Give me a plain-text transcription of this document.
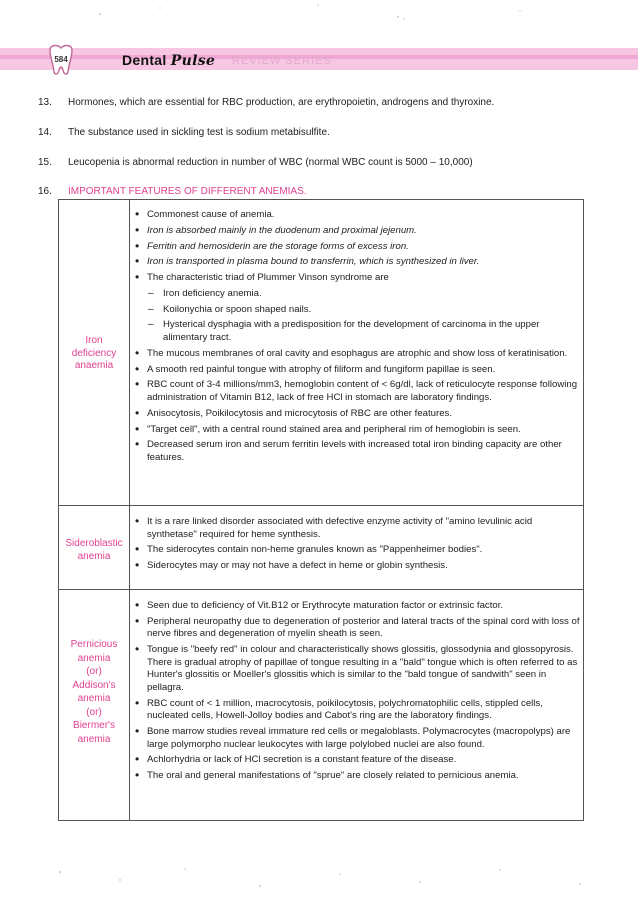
584	Dental Pulse REVIEW SERIES
13. Hormones, which are essential for RBC production, are erythropoietin, androgens and thyroxine.
14. The substance used in sickling test is sodium metabisulfite.
15. Leucopenia is abnormal reduction in number of WBC (normal WBC count is 5000 – 10,000)
16. IMPORTANT FEATURES OF DIFFERENT ANEMIAS.
Iron
deficiency
anaemia
• Commonest cause of anemia.
• Iron is absorbed mainly in the duodenum and proximal jejenum.
• Ferritin and hemosiderin are the storage forms of excess iron.
• Iron is transported in plasma bound to transferrin, which is synthesized in liver.
• The characteristic triad of Plummer Vinson syndrome are
– Iron deficiency anemia.
– Koilonychia or spoon shaped nails.
– Hysterical dysphagia with a predisposition for the development of carcinoma in the upper alimentary tract.
• The mucous membranes of oral cavity and esophagus are atrophic and show loss of keratinisation.
• A smooth red painful tongue with atrophy of filiform and fungiform papillae is seen.
• RBC count of 3-4 millions/mm3, hemoglobin content of < 6g/dl, lack of reticulocyte response following administration of Vitamin B12, lack of free HCl in stomach are laboratory findings.
• Anisocytosis, Poikilocytosis and microcytosis of RBC are other features.
• "Target cell", with a central round stained area and peripheral rim of hemoglobin is seen.
• Decreased serum iron and serum ferritin levels with increased total iron binding capacity are other features.
Sideroblastic
anemia
• It is a rare linked disorder associated with defective enzyme activity of "amino levulinic acid synthetase" required for heme synthesis.
• The siderocytes contain non-heme granules known as "Pappenheimer bodies".
• Siderocytes may or may not have a defect in heme or globin synthesis.
Pernicious
anemia
(or)
Addison's
anemia
(or)
Biermer's
anemia
• Seen due to deficiency of Vit.B12 or Erythrocyte maturation factor or extrinsic factor.
• Peripheral neuropathy due to degeneration of posterior and lateral tracts of the spinal cord with loss of nerve fibres and degeneration of myelin sheath is seen.
• Tongue is "beefy red" in colour and characteristically shows glossitis, glossodynia and glossopyrosis. There is gradual atrophy of papillae of tongue resulting in a "bald" tongue which is often referred to as Hunter's glossitis or Moeller's glossitis which is similar to the "bald tongue of sandwith" seen in pellagra.
• RBC count of < 1 million, macrocytosis, poikilocytosis, polychromatophilic cells, stippled cells, nucleated cells, Howell-Jolloy bodies and Cabot's ring are the laboratory findings.
• Bone marrow studies reveal immature red cells or megaloblasts. Polymacrocytes (macropolyps) are large polymorpho nuclear leukocytes with large polylobed nuclei are also found.
• Achlorhydria or lack of HCl secretion is a constant feature of the disease.
• The oral and general manifestations of "sprue" are closely related to pernicious anemia.
